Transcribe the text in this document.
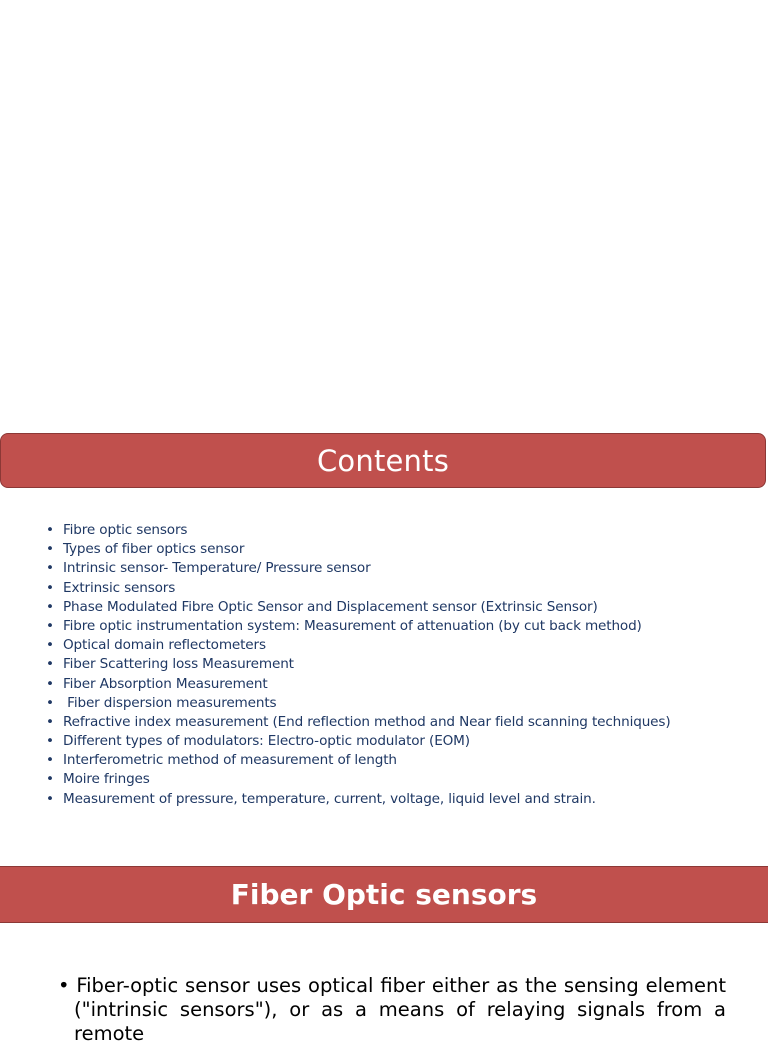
Contents
• Fibre optic sensors
• Types of fiber optics sensor
• Intrinsic sensor- Temperature/ Pressure sensor
• Extrinsic sensors
• Phase Modulated Fibre Optic Sensor and Displacement sensor (Extrinsic Sensor)
• Fibre optic instrumentation system: Measurement of attenuation (by cut back method)
• Optical domain reflectometers
• Fiber Scattering loss Measurement
• Fiber Absorption Measurement
• Fiber dispersion measurements
• Refractive index measurement (End reflection method and Near field scanning techniques)
• Different types of modulators: Electro-optic modulator (EOM)
• Interferometric method of measurement of length
• Moire fringes
• Measurement of pressure, temperature, current, voltage, liquid level and strain.
Fiber Optic sensors

• Fiber-optic sensor uses optical fiber either as the sensing element ("intrinsic sensors"), or as a means of relaying signals from a remote
